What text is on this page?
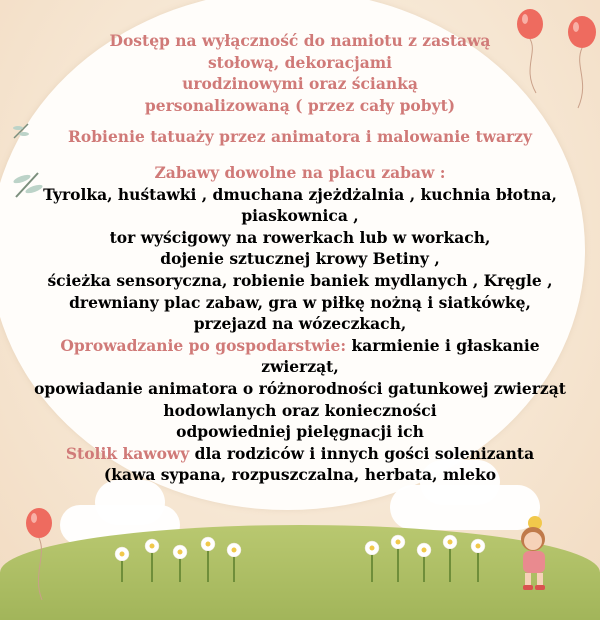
Dostęp na wyłączność do namiotu z zastawą

stołową, dekoracjami

urodzinowymi oraz ścianką

personalizowaną ( przez cały pobyt)

Robienie tatuaży przez animatora i malowanie twarzy

Zabawy dowolne na placu zabaw :

Tyrolka, huśtawki , dmuchana zjeżdżalnia , kuchnia błotna,

piaskownica ,

tor wyścigowy na rowerkach lub w workach,

dojenie sztucznej krowy Betiny ,

ścieżka sensoryczna, robienie baniek mydlanych , Kręgle ,

drewniany plac zabaw, gra w piłkę nożną i siatkówkę,

przejazd na wózeczkach,

Oprowadzanie po gospodarstwie: karmienie i głaskanie zwierząt,

opowiadanie animatora o różnorodności gatunkowej zwierząt

hodowlanych oraz konieczności

odpowiedniej pielęgnacji ich

Stolik kawowy dla rodziców i innych gości solenizanta

(kawa sypana, rozpuszczalna, herbata, mleko
